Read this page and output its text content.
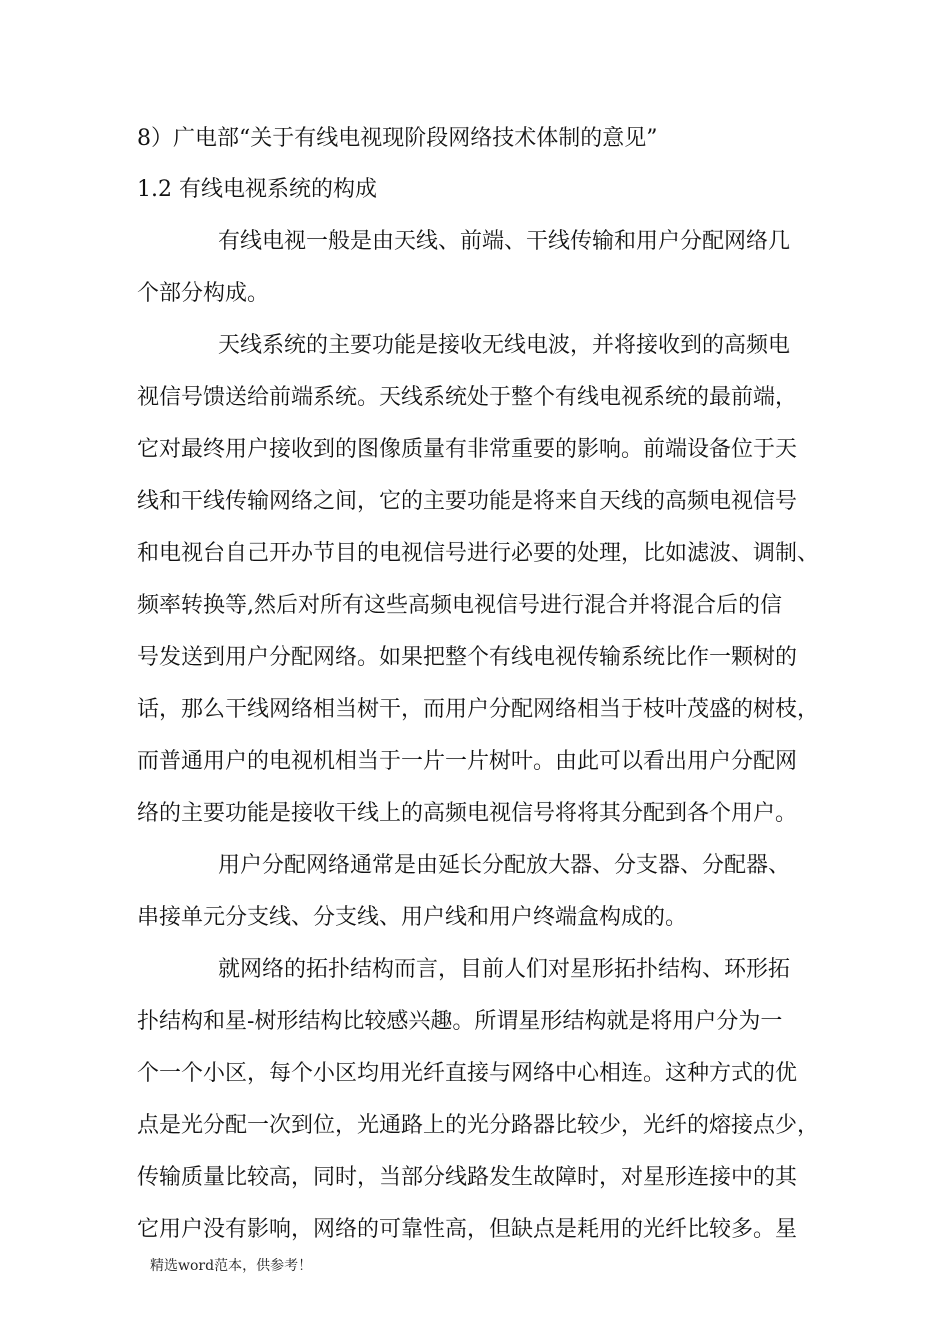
8）广电部“关于有线电视现阶段网络技术体制的意见”
1.2 有线电视系统的构成
有线电视一般是由天线、前端、干线传输和用户分配网络几
个部分构成。
天线系统的主要功能是接收无线电波，并将接收到的高频电
视信号馈送给前端系统。天线系统处于整个有线电视系统的最前端，
它对最终用户接收到的图像质量有非常重要的影响。前端设备位于天
线和干线传输网络之间，它的主要功能是将来自天线的高频电视信号
和电视台自己开办节目的电视信号进行必要的处理，比如滤波、调制、
频率转换等,然后对所有这些高频电视信号进行混合并将混合后的信
号发送到用户分配网络。如果把整个有线电视传输系统比作一颗树的
话，那么干线网络相当树干，而用户分配网络相当于枝叶茂盛的树枝，
而普通用户的电视机相当于一片一片树叶。由此可以看出用户分配网
络的主要功能是接收干线上的高频电视信号将将其分配到各个用户。
用户分配网络通常是由延长分配放大器、分支器、分配器、
串接单元分支线、分支线、用户线和用户终端盒构成的。
就网络的拓扑结构而言，目前人们对星形拓扑结构、环形拓
扑结构和星-树形结构比较感兴趣。所谓星形结构就是将用户分为一
个一个小区，每个小区均用光纤直接与网络中心相连。这种方式的优
点是光分配一次到位，光通路上的光分路器比较少，光纤的熔接点少，
传输质量比较高，同时，当部分线路发生故障时，对星形连接中的其
它用户没有影响，网络的可靠性高，但缺点是耗用的光纤比较多。星
精选word范本，供参考！
